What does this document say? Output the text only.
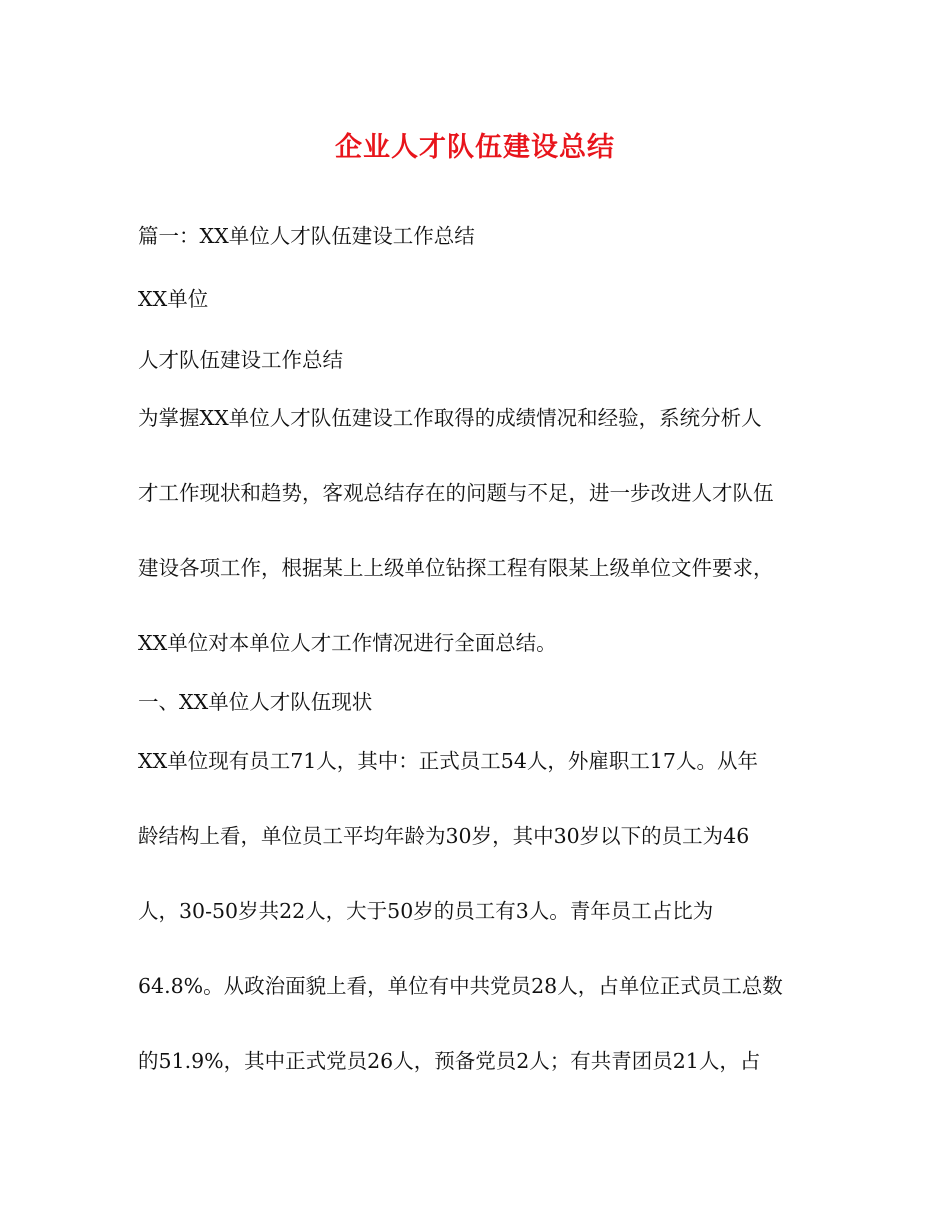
企业人才队伍建设总结
篇一：XX单位人才队伍建设工作总结
XX单位
人才队伍建设工作总结
为掌握XX单位人才队伍建设工作取得的成绩情况和经验，系统分析人
才工作现状和趋势，客观总结存在的问题与不足，进一步改进人才队伍
建设各项工作，根据某上上级单位钻探工程有限某上级单位文件要求，
XX单位对本单位人才工作情况进行全面总结。
一、XX单位人才队伍现状
XX单位现有员工71人，其中：正式员工54人，外雇职工17人。从年
龄结构上看，单位员工平均年龄为30岁，其中30岁以下的员工为46
人，30-50岁共22人，大于50岁的员工有3人。青年员工占比为
64.8%。从政治面貌上看，单位有中共党员28人，占单位正式员工总数
的51.9%，其中正式党员26人，预备党员2人；有共青团员21人，占
